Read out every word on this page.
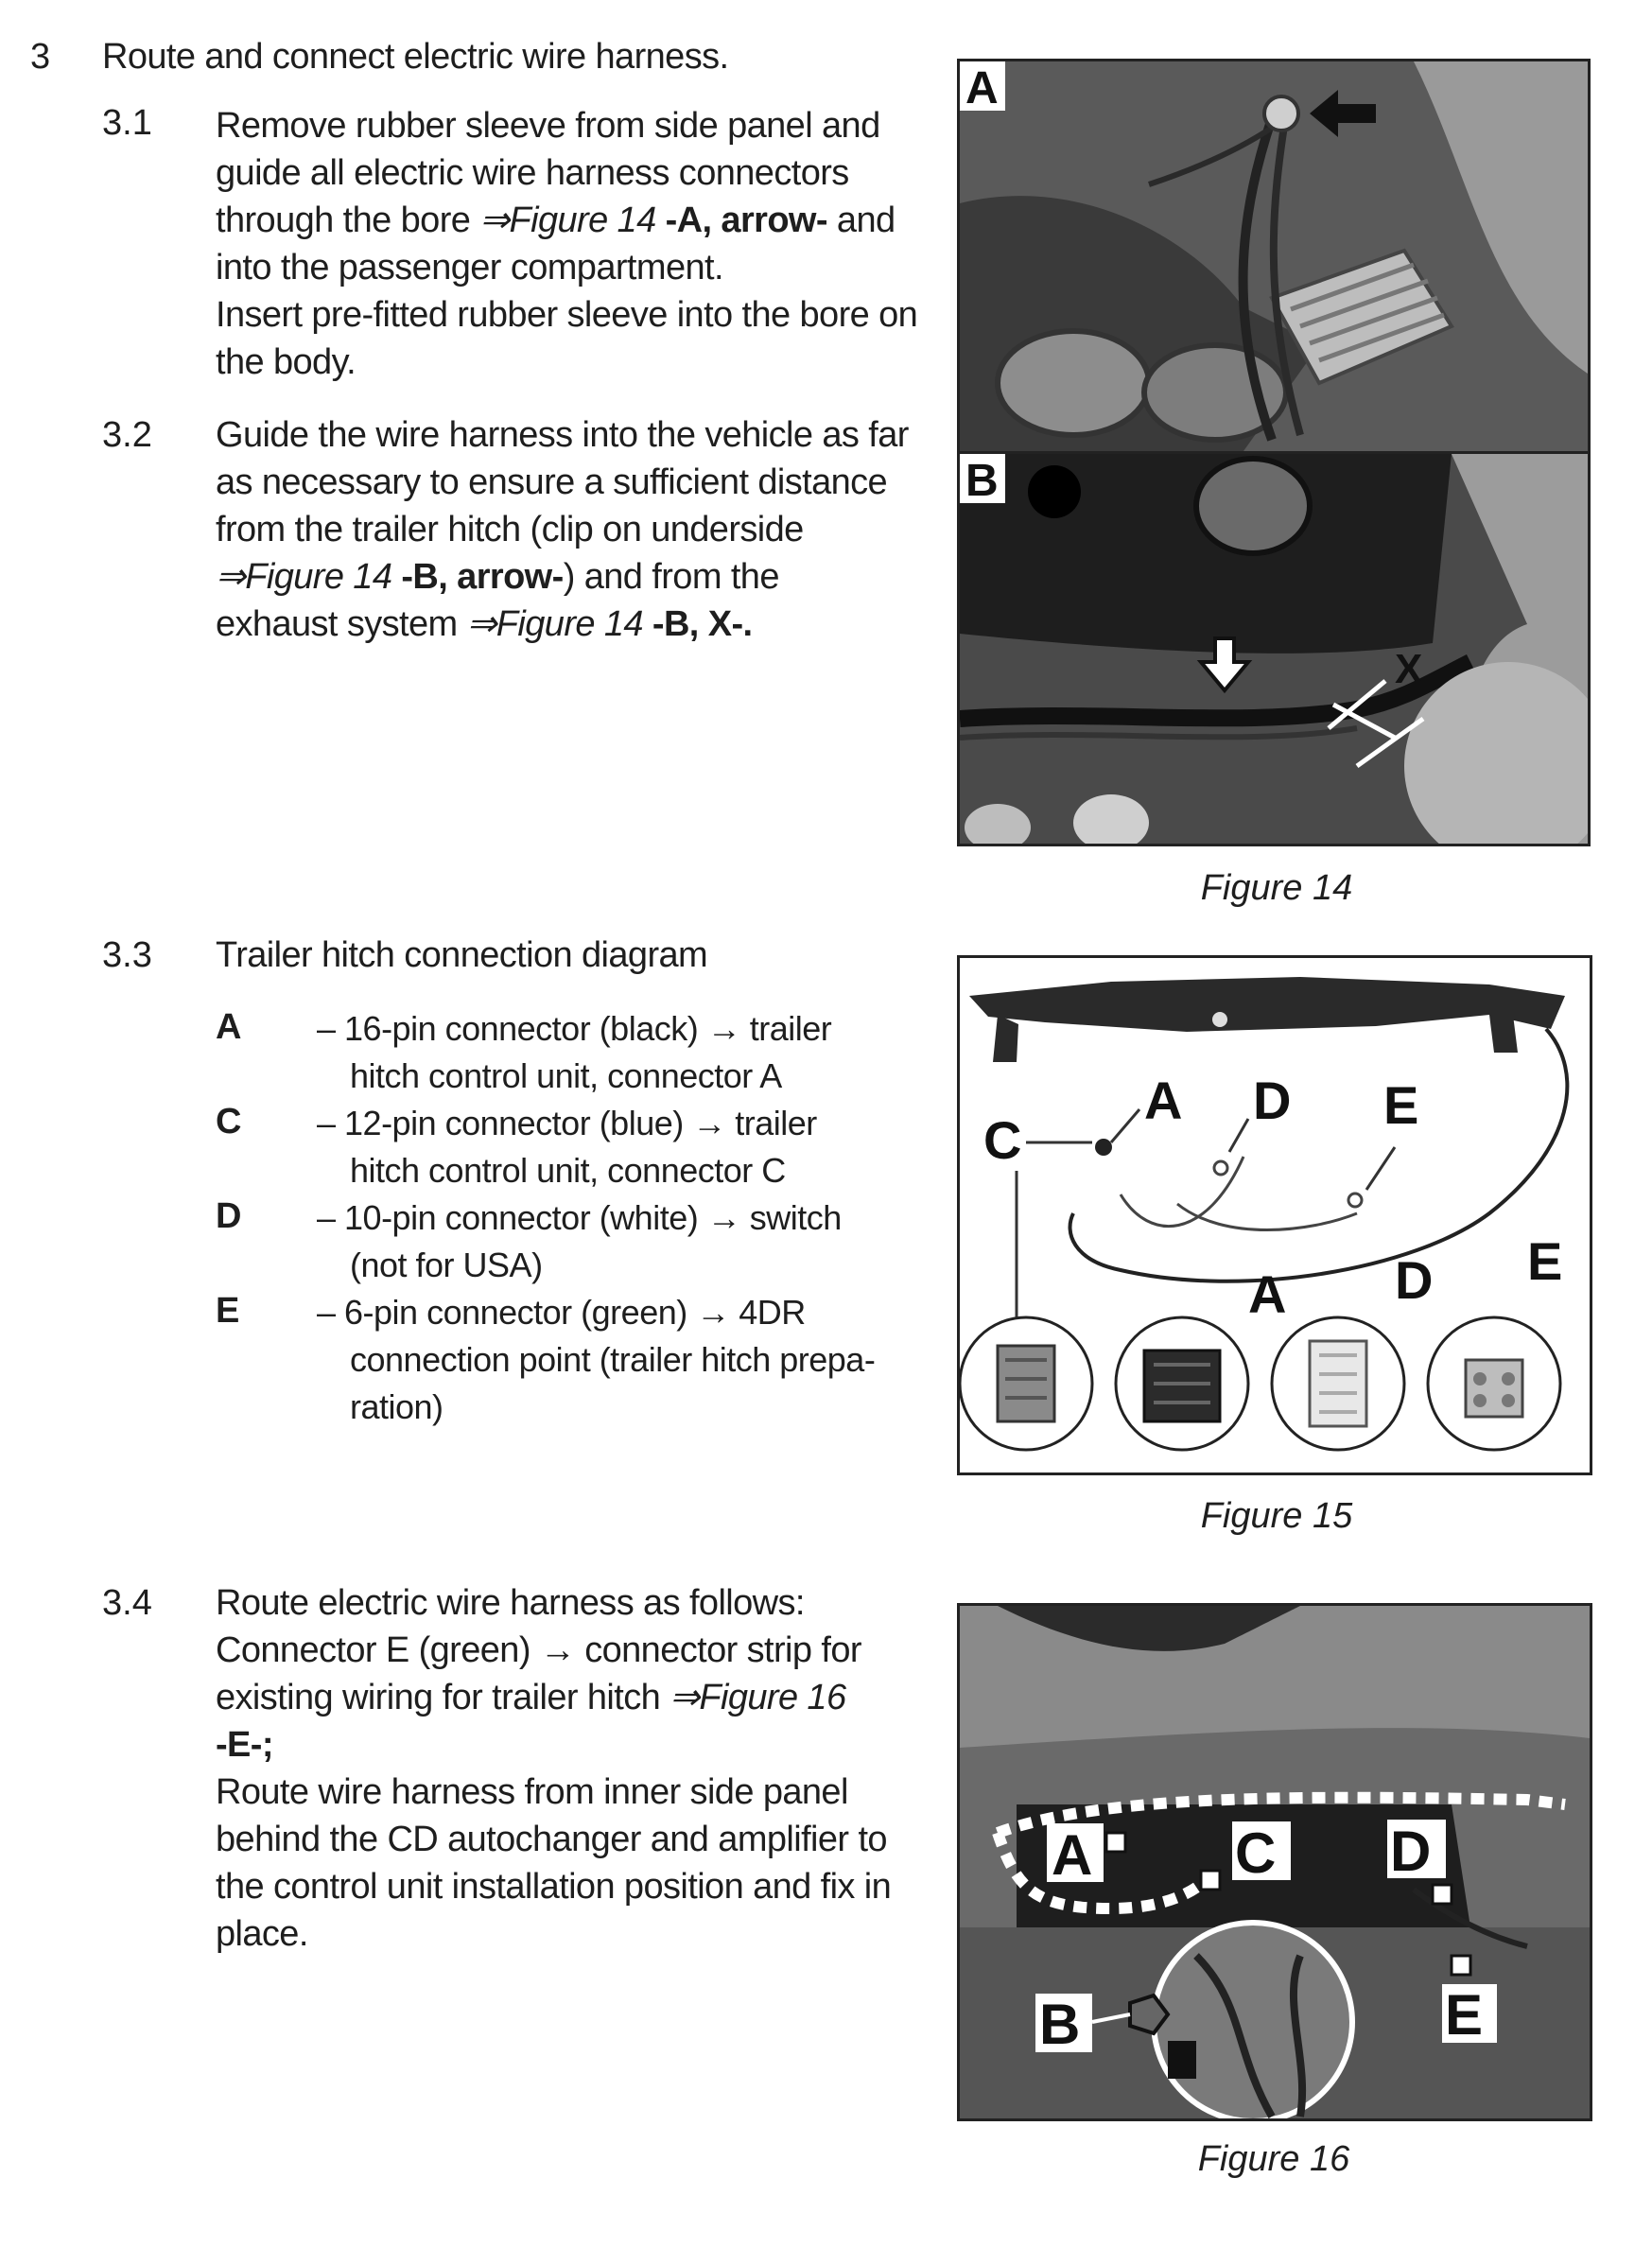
3 Route and connect electric wire harness.
3.1 Remove rubber sleeve from side panel and
guide all electric wire harness connectors
through the bore ⇒Figure 14 -A, arrow- and
into the passenger compartment.
Insert pre-fitted rubber sleeve into the bore on
the body.
3.2 Guide the wire harness into the vehicle as far
as necessary to ensure a sufficient distance
from the trailer hitch (clip on underside
⇒Figure 14 -B, arrow-) and from the
exhaust system ⇒Figure 14 -B, X-.
3.3 Trailer hitch connection diagram
A – 16-pin connector (black) → trailer
hitch control unit, connector A
C – 12-pin connector (blue) → trailer
hitch control unit, connector C
D – 10-pin connector (white) → switch
(not for USA)
E – 6-pin connector (green) → 4DR
connection point (trailer hitch prepa-
ration)
3.4 Route electric wire harness as follows:
Connector E (green) → connector strip for
existing wiring for trailer hitch ⇒Figure 16
-E-;
Route wire harness from inner side panel
behind the CD autochanger and amplifier to
the control unit installation position and fix in
place.
A
X
B
Figure 14
C
A D E
A D E
Figure 15
A	C D
B	E
Figure 16
